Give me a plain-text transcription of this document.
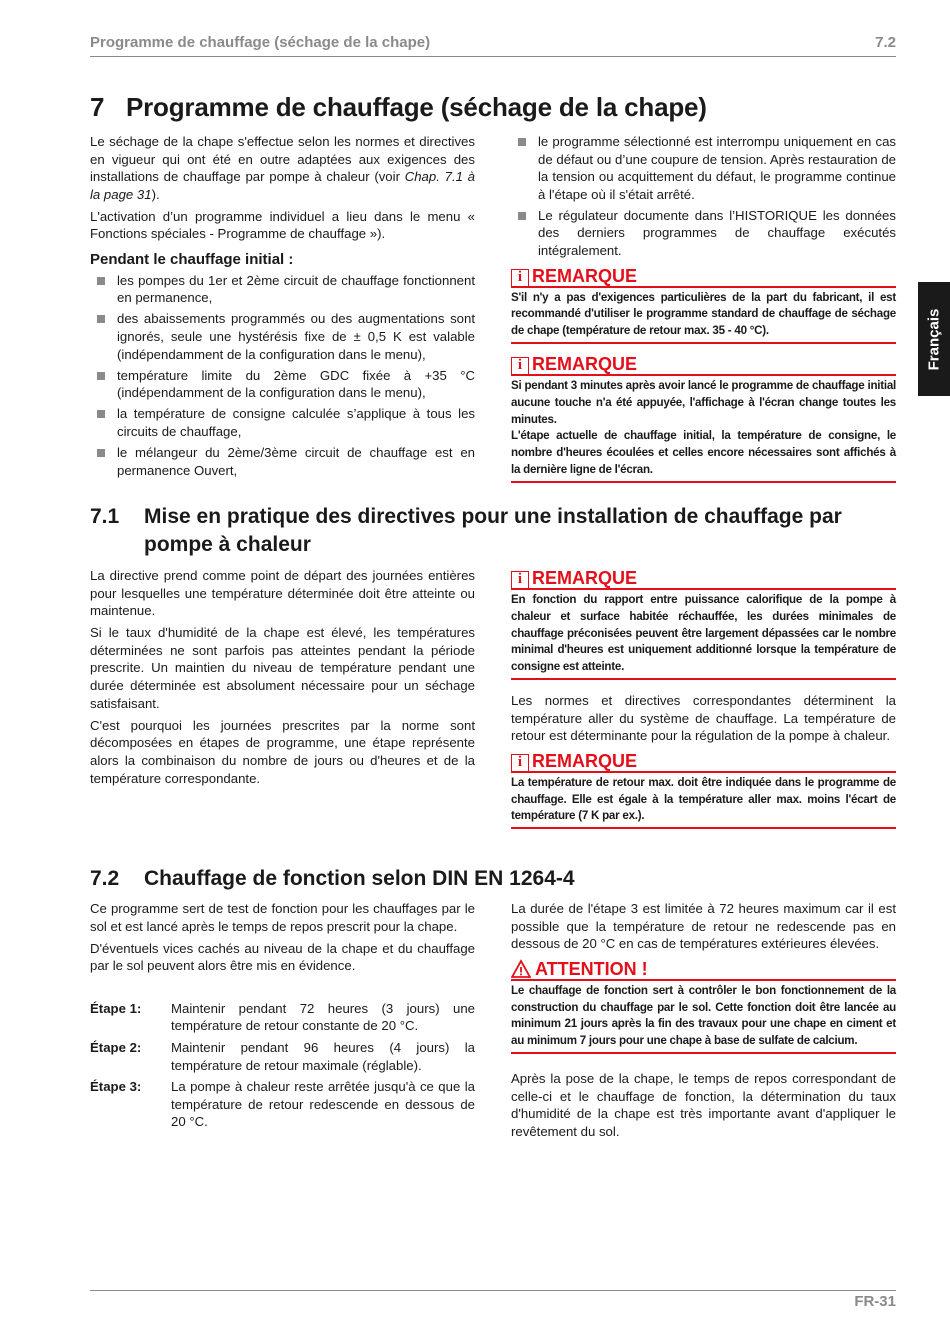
Programme de chauffage (séchage de la chape)	7.2
Français
7 Programme de chauffage (séchage de la chape)

Le séchage de la chape s'effectue selon les normes et directives en vigueur qui ont été en outre adaptées aux exigences des installations de chauffage par pompe à chaleur (voir Chap. 7.1 à la page 31).

L'activation d’un programme individuel a lieu dans le menu « Fonctions spéciales - Programme de chauffage »).

Pendant le chauffage initial :
les pompes du 1er et 2ème circuit de chauffage fonctionnent en permanence,
des abaissements programmés ou des augmentations sont ignorés, seule une hystérésis fixe de ± 0,5 K est valable (indépendamment de la configuration dans le menu),
température limite du 2ème GDC fixée à +35 °C (indépendamment de la configuration dans le menu),
la température de consigne calculée s’applique à tous les circuits de chauffage,
le mélangeur du 2ème/3ème circuit de chauffage est en permanence Ouvert,
le programme sélectionné est interrompu uniquement en cas de défaut ou d’une coupure de tension. Après restauration de la tension ou acquittement du défaut, le programme continue à l'étape où il s'était arrêté.
Le régulateur documente dans l’HISTORIQUE les données des derniers programmes de chauffage exécutés intégralement.
i REMARQUE

S'il n'y a pas d'exigences particulières de la part du fabricant, il est recommandé d'utiliser le programme standard de chauffage de séchage de chape (température de retour max. 35 - 40 °C).

i REMARQUE

Si pendant 3 minutes après avoir lancé le programme de chauffage initial aucune touche n'a été appuyée, l'affichage à l'écran change toutes les minutes.

L'étape actuelle de chauffage initial, la température de consigne, le nombre d'heures écoulées et celles encore nécessaires sont affichés à la dernière ligne de l'écran.

7.1 Mise en pratique des directives pour une installation de chauffage par pompe à chaleur

La directive prend comme point de départ des journées entières pour lesquelles une température déterminée doit être atteinte ou maintenue.

Si le taux d'humidité de la chape est élevé, les températures déterminées ne sont parfois pas atteintes pendant la période prescrite. Un maintien du niveau de température pendant une durée déterminée est absolument nécessaire pour un séchage satisfaisant.

C'est pourquoi les journées prescrites par la norme sont décomposées en étapes de programme, une étape représente alors la combinaison du nombre de jours ou d'heures et de la température correspondante.

i REMARQUE

En fonction du rapport entre puissance calorifique de la pompe à chaleur et surface habitée réchauffée, les durées minimales de chauffage préconisées peuvent être largement dépassées car le nombre minimal d'heures est uniquement additionné lorsque la température de consigne est atteinte.

Les normes et directives correspondantes déterminent la température aller du système de chauffage. La température de retour est déterminante pour la régulation de la pompe à chaleur.

i REMARQUE

La température de retour max. doit être indiquée dans le programme de chauffage. Elle est égale à la température aller max. moins l'écart de température (7 K par ex.).

7.2 Chauffage de fonction selon DIN EN 1264-4

Ce programme sert de test de fonction pour les chauffages par le sol et est lancé après le temps de repos prescrit pour la chape.

D'éventuels vices cachés au niveau de la chape et du chauffage par le sol peuvent alors être mis en évidence.

Étape 1:	Maintenir pendant 72 heures (3 jours) une température de retour constante de 20 °C.
Étape 2:	Maintenir pendant 96 heures (4 jours) la température de retour maximale (réglable).
Étape 3:	La pompe à chaleur reste arrêtée jusqu'à ce que la température de retour redescende en dessous de 20 °C.

La durée de l'étape 3 est limitée à 72 heures maximum car il est possible que la température de retour ne redescende pas en dessous de 20 °C en cas de températures extérieures élevées.

ATTENTION !

Le chauffage de fonction sert à contrôler le bon fonctionnement de la construction du chauffage par le sol. Cette fonction doit être lancée au minimum 21 jours après la fin des travaux pour une chape en ciment et au minimum 7 jours pour une chape à base de sulfate de calcium.

Après la pose de la chape, le temps de repos correspondant de celle-ci et le chauffage de fonction, la détermination du taux d'humidité de la chape est très importante avant d'appliquer le revêtement du sol.

FR-31
